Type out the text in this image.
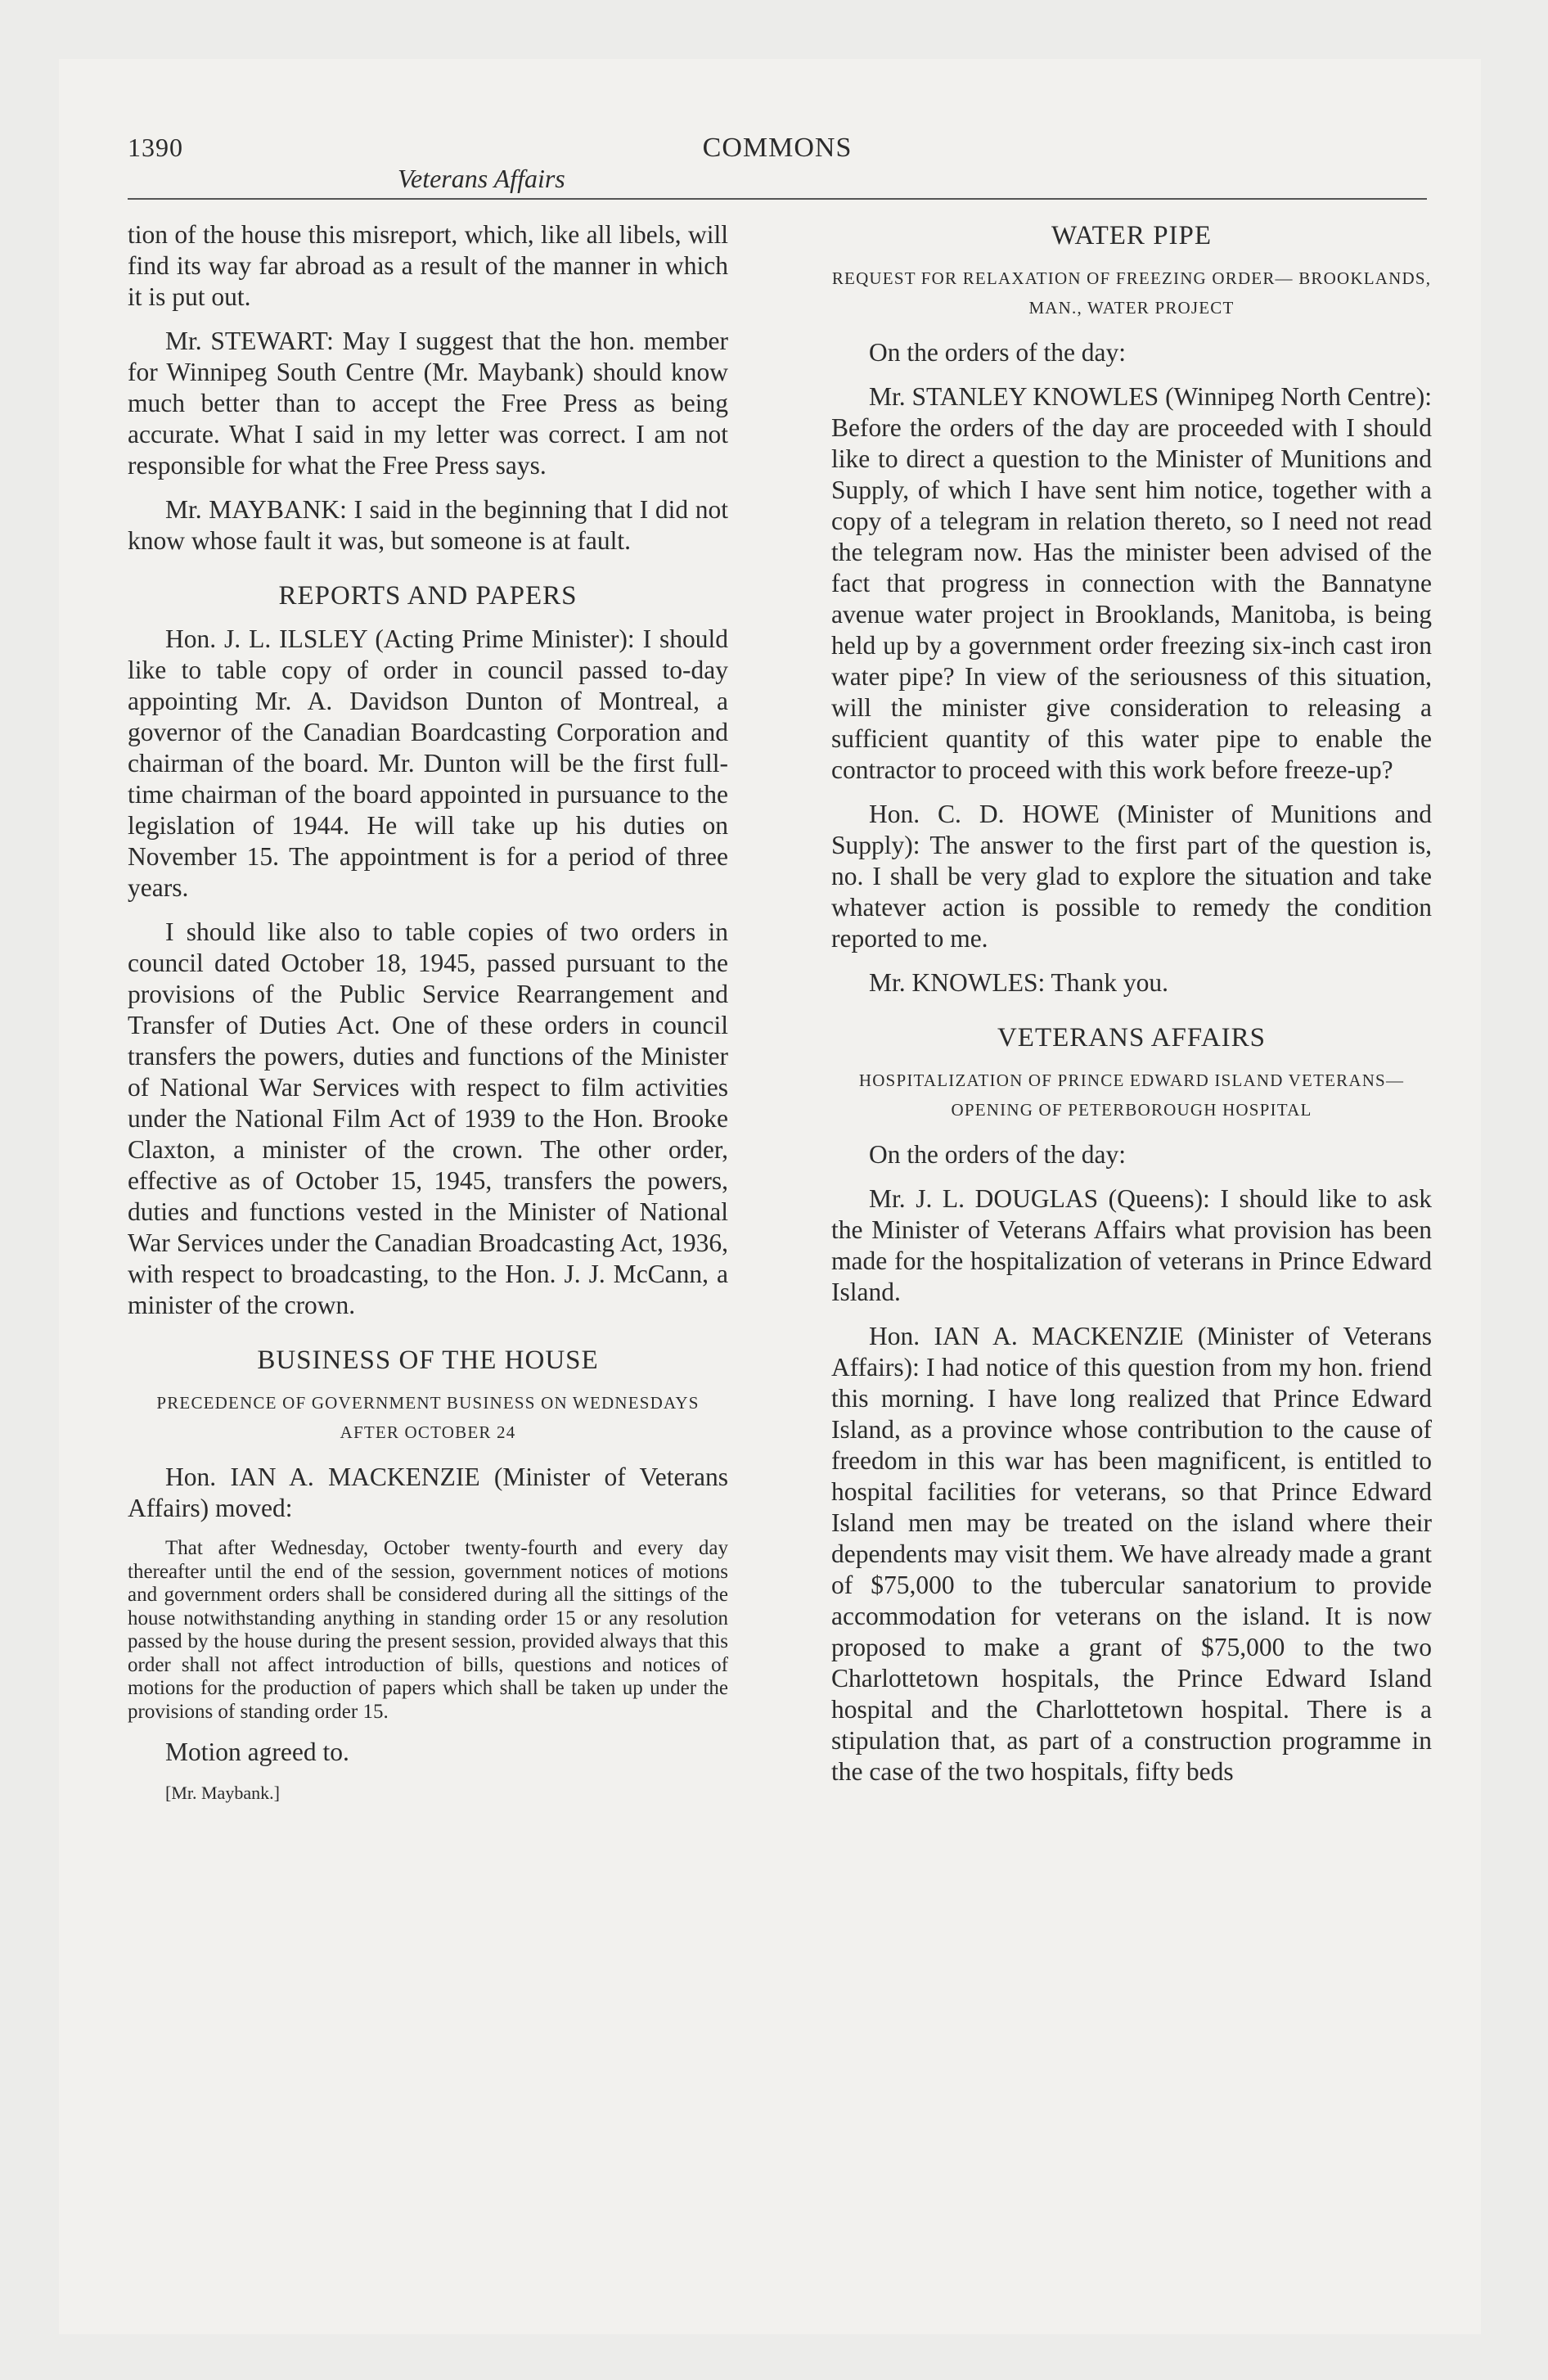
1390	COMMONS
Veterans Affairs

tion of the house this misreport, which, like all libels, will find its way far abroad as a result of the manner in which it is put out.

Mr. STEWART: May I suggest that the hon. member for Winnipeg South Centre (Mr. Maybank) should know much better than to accept the Free Press as being accurate. What I said in my letter was correct. I am not responsible for what the Free Press says.

Mr. MAYBANK: I said in the beginning that I did not know whose fault it was, but someone is at fault.

REPORTS AND PAPERS

Hon. J. L. ILSLEY (Acting Prime Minister): I should like to table copy of order in council passed to-day appointing Mr. A. Davidson Dunton of Montreal, a governor of the Canadian Boardcasting Corporation and chairman of the board. Mr. Dunton will be the first full-time chairman of the board appointed in pursuance to the legislation of 1944. He will take up his duties on November 15. The appointment is for a period of three years.

I should like also to table copies of two orders in council dated October 18, 1945, passed pursuant to the provisions of the Public Service Rearrangement and Transfer of Duties Act. One of these orders in council transfers the powers, duties and functions of the Minister of National War Services with respect to film activities under the National Film Act of 1939 to the Hon. Brooke Claxton, a minister of the crown. The other order, effective as of October 15, 1945, transfers the powers, duties and functions vested in the Minister of National War Services under the Canadian Broadcasting Act, 1936, with respect to broadcasting, to the Hon. J. J. McCann, a minister of the crown.

BUSINESS OF THE HOUSE
PRECEDENCE OF GOVERNMENT BUSINESS ON WEDNESDAYS AFTER OCTOBER 24

Hon. IAN A. MACKENZIE (Minister of Veterans Affairs) moved:

That after Wednesday, October twenty-fourth and every day thereafter until the end of the session, government notices of motions and government orders shall be considered during all the sittings of the house notwithstanding anything in standing order 15 or any resolution passed by the house during the present session, provided always that this order shall not affect introduction of bills, questions and notices of motions for the production of papers which shall be taken up under the provisions of standing order 15.

Motion agreed to.

[Mr. Maybank.]

WATER PIPE
REQUEST FOR RELAXATION OF FREEZING ORDER— BROOKLANDS, MAN., WATER PROJECT

On the orders of the day:

Mr. STANLEY KNOWLES (Winnipeg North Centre): Before the orders of the day are proceeded with I should like to direct a question to the Minister of Munitions and Supply, of which I have sent him notice, together with a copy of a telegram in relation thereto, so I need not read the telegram now. Has the minister been advised of the fact that progress in connection with the Bannatyne avenue water project in Brooklands, Manitoba, is being held up by a government order freezing six-inch cast iron water pipe? In view of the seriousness of this situation, will the minister give consideration to releasing a sufficient quantity of this water pipe to enable the contractor to proceed with this work before freeze-up?

Hon. C. D. HOWE (Minister of Munitions and Supply): The answer to the first part of the question is, no. I shall be very glad to explore the situation and take whatever action is possible to remedy the condition reported to me.

Mr. KNOWLES: Thank you.

VETERANS AFFAIRS
HOSPITALIZATION OF PRINCE EDWARD ISLAND VETERANS—OPENING OF PETERBOROUGH HOSPITAL

On the orders of the day:

Mr. J. L. DOUGLAS (Queens): I should like to ask the Minister of Veterans Affairs what provision has been made for the hospitalization of veterans in Prince Edward Island.

Hon. IAN A. MACKENZIE (Minister of Veterans Affairs): I had notice of this question from my hon. friend this morning. I have long realized that Prince Edward Island, as a province whose contribution to the cause of freedom in this war has been magnificent, is entitled to hospital facilities for veterans, so that Prince Edward Island men may be treated on the island where their dependents may visit them. We have already made a grant of $75,000 to the tubercular sanatorium to provide accommodation for veterans on the island. It is now proposed to make a grant of $75,000 to the two Charlottetown hospitals, the Prince Edward Island hospital and the Charlottetown hospital. There is a stipulation that, as part of a construction programme in the case of the two hospitals, fifty beds
